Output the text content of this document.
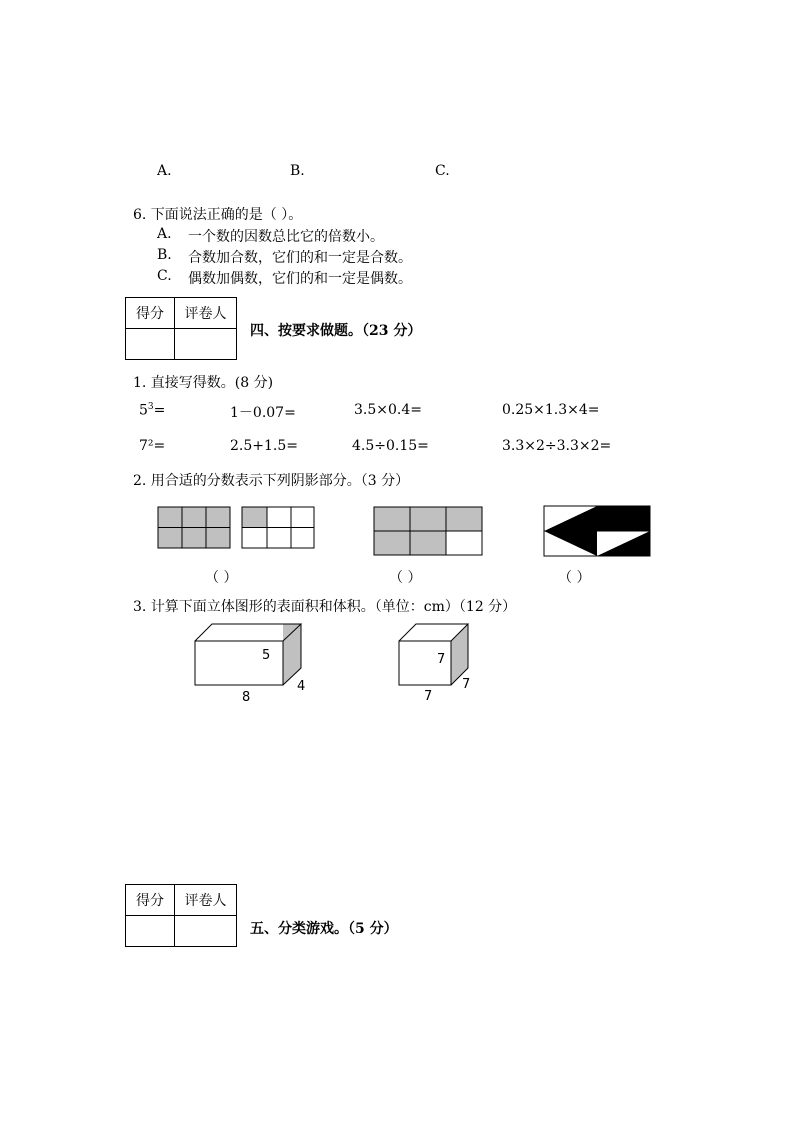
A.	B.	C.
6. 下面说法正确的是（ ）。
A. 一个数的因数总比它的倍数小。
B. 合数加合数，它们的和一定是合数。
C. 偶数加偶数，它们的和一定是偶数。
得分	评卷人

四、按要求做题。（23 分）
1. 直接写得数。(8 分)
$5^3=$	1－0.07=	3.5×0.4=	0.25×1.3×4=
7²=	2.5+1.5=	4.5÷0.15=	3.3×2÷3.3×2=
2. 用合适的分数表示下列阴影部分。（3 分）
（ ）	（ ）	（ ）
3. 计算下面立体图形的表面积和体积。（单位：cm）（12 分）
5
4
8
7
7
7
得分	评卷人

五、分类游戏。（5 分）
